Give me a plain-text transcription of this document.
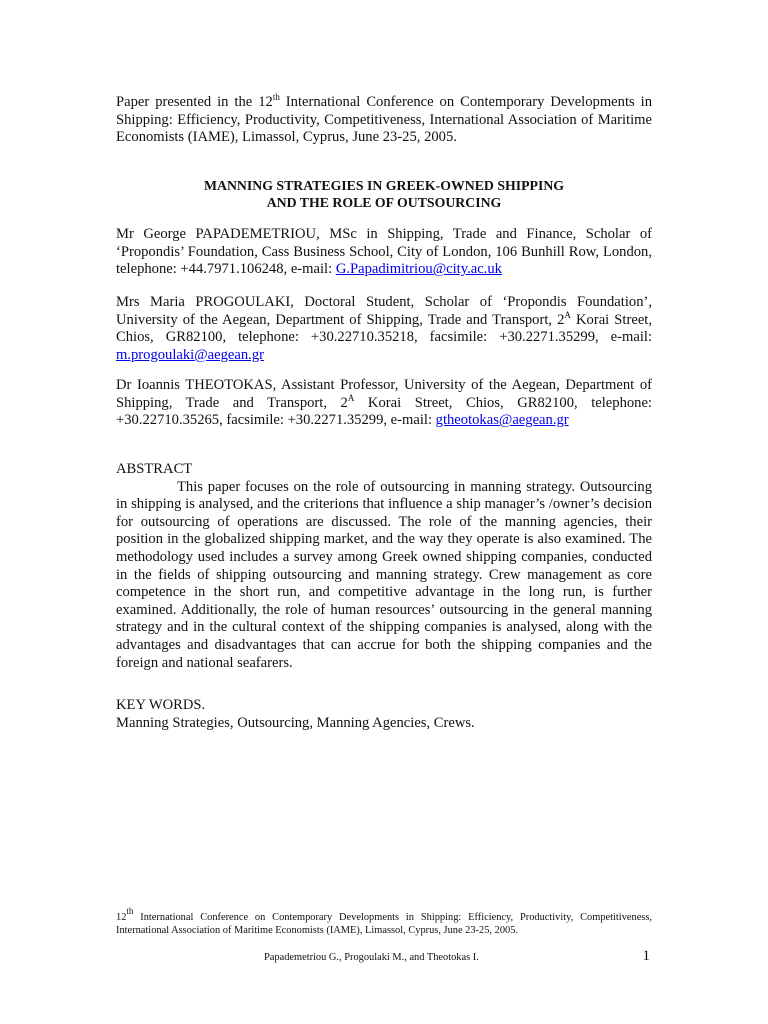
Paper presented in the 12th International Conference on Contemporary Developments in Shipping: Efficiency, Productivity, Competitiveness, International Association of Maritime Economists (IAME), Limassol, Cyprus, June 23-25, 2005.
MANNING STRATEGIES IN GREEK-OWNED SHIPPING
AND THE ROLE OF OUTSOURCING
Mr George PAPADEMETRIOU, MSc in Shipping, Trade and Finance, Scholar of ‘Propondis’ Foundation, Cass Business School, City of London, 106 Bunhill Row, London, telephone: +44.7971.106248, e-mail: G.Papadimitriou@city.ac.uk
Mrs Maria PROGOULAKI, Doctoral Student, Scholar of ‘Propondis Foundation’, University of the Aegean, Department of Shipping, Trade and Transport, $2^A$ Korai Street, Chios, GR82100, telephone: +30.22710.35218, facsimile: +30.2271.35299, e-mail: m.progoulaki@aegean.gr
Dr Ioannis THEOTOKAS, Assistant Professor, University of the Aegean, Department of Shipping, Trade and Transport, $2^A$ Korai Street, Chios, GR82100, telephone: +30.22710.35265, facsimile: +30.2271.35299, e-mail: gtheotokas@aegean.gr
ABSTRACT
This paper focuses on the role of outsourcing in manning strategy. Outsourcing in shipping is analysed, and the criterions that influence a ship manager’s /owner’s decision for outsourcing of operations are discussed. The role of the manning agencies, their position in the globalized shipping market, and the way they operate is also examined. The methodology used includes a survey among Greek owned shipping companies, conducted in the fields of shipping outsourcing and manning strategy. Crew management as core competence in the short run, and competitive advantage in the long run, is further examined. Additionally, the role of human resources’ outsourcing in the general manning strategy and in the cultural context of the shipping companies is analysed, along with the advantages and disadvantages that can accrue for both the shipping companies and the foreign and national seafarers.
KEY WORDS.
Manning Strategies, Outsourcing, Manning Agencies, Crews.
12th International Conference on Contemporary Developments in Shipping: Efficiency, Productivity, Competitiveness, International Association of Maritime Economists (IAME), Limassol, Cyprus, June 23-25, 2005.
Papademetriou G., Progoulaki M., and Theotokas I.	1
